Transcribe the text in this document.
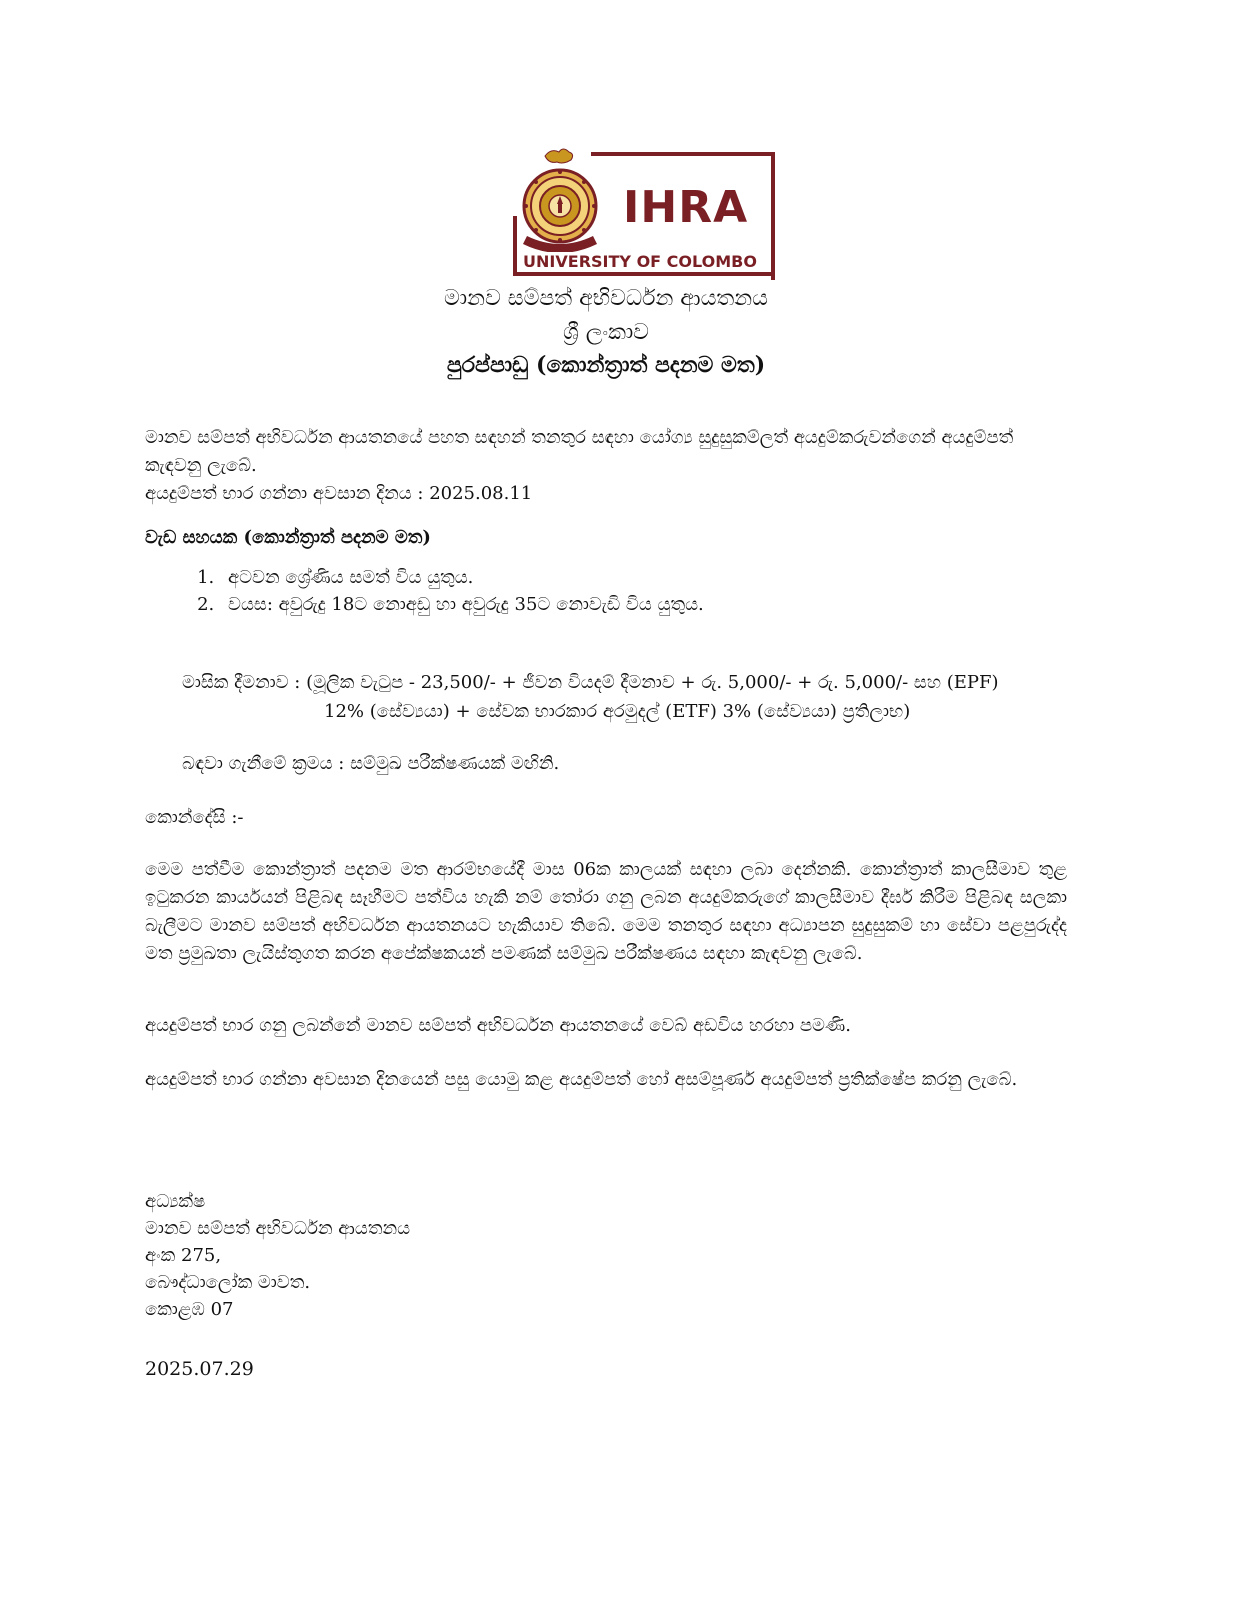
IHRA
UNIVERSITY OF COLOMBO
මානව සම්පත් අභිවර්ධන ආයතනය
ශ්‍රී ලංකාව
පුරප්පාඩු (කොන්ත්‍රාත් පදනම මත)

මානව සම්පත් අභිවර්ධන ආයතනයේ පහත සඳහන් තනතුර සඳහා යෝග්‍ය සුදුසුකම්ලත් අයදුම්කරුවන්ගෙන් අයදුම්පත් කැඳවනු ලැබේ.

අයදුම්පත් භාර ගන්නා අවසාන දිනය : 2025.08.11

වැඩ සහයක (කොන්ත්‍රාත් පදනම මත)
1. අටවන ශ්‍රේණිය සමත් විය යුතුය.
2. වයස: අවුරුදු 18ට නොඅඩු හා අවුරුදු 35ට නොවැඩි විය යුතුය.
මාසික දීමනාව : (මූලික වැටුප - 23,500/- + ජීවන වියදම් දීමනාව + රු. 5,000/- + රු. 5,000/- සහ (EPF)
12% (සේව්‍යයා) + සේවක භාරකාර අරමුදල් (ETF) 3% (සේව්‍යයා) ප්‍රතිලාභ)
බඳවා ගැනීමේ ක්‍රමය : සම්මුඛ පරීක්ෂණයක් මඟිනි.
කොන්දේසි :-
මෙම පත්වීම කොන්ත්‍රාත් පදනම මත ආරම්භයේදී මාස 06ක කාලයක් සඳහා ලබා දෙන්නකි. කොන්ත්‍රාත් කාලසීමාව තුළ ඉටුකරන කාර්යයන් පිළිබඳ සෑහීමට පත්විය හැකි නම් තෝරා ගනු ලබන අයදුම්කරුගේ කාලසීමාව දීර්ඝ කිරීම පිළිබඳ සලකා බැලීමට මානව සම්පත් අභිවර්ධන ආයතනයට හැකියාව තිබේ. මෙම තනතුර සඳහා අධ්‍යාපන සුදුසුකම් හා සේවා පළපුරුද්ද මත ප්‍රමුඛතා ලැයිස්තුගත කරන අපේක්ෂකයන් පමණක් සම්මුඛ පරීක්ෂණය සඳහා කැඳවනු ලැබේ.
අයදුම්පත් භාර ගනු ලබන්නේ මානව සම්පත් අභිවර්ධන ආයතනයේ වෙබ් අඩවිය හරහා පමණි.
අයදුම්පත් භාර ගන්නා අවසාන දිනයෙන් පසු යොමු කළ අයදුම්පත් හෝ අසම්පූර්ණ අයදුම්පත් ප්‍රතික්ෂේප කරනු ලැබේ.
අධ්‍යක්ෂ
මානව සම්පත් අභිවර්ධන ආයතනය
අංක 275,
බෞද්ධාලෝක මාවත.
කොළඹ 07
2025.07.29
